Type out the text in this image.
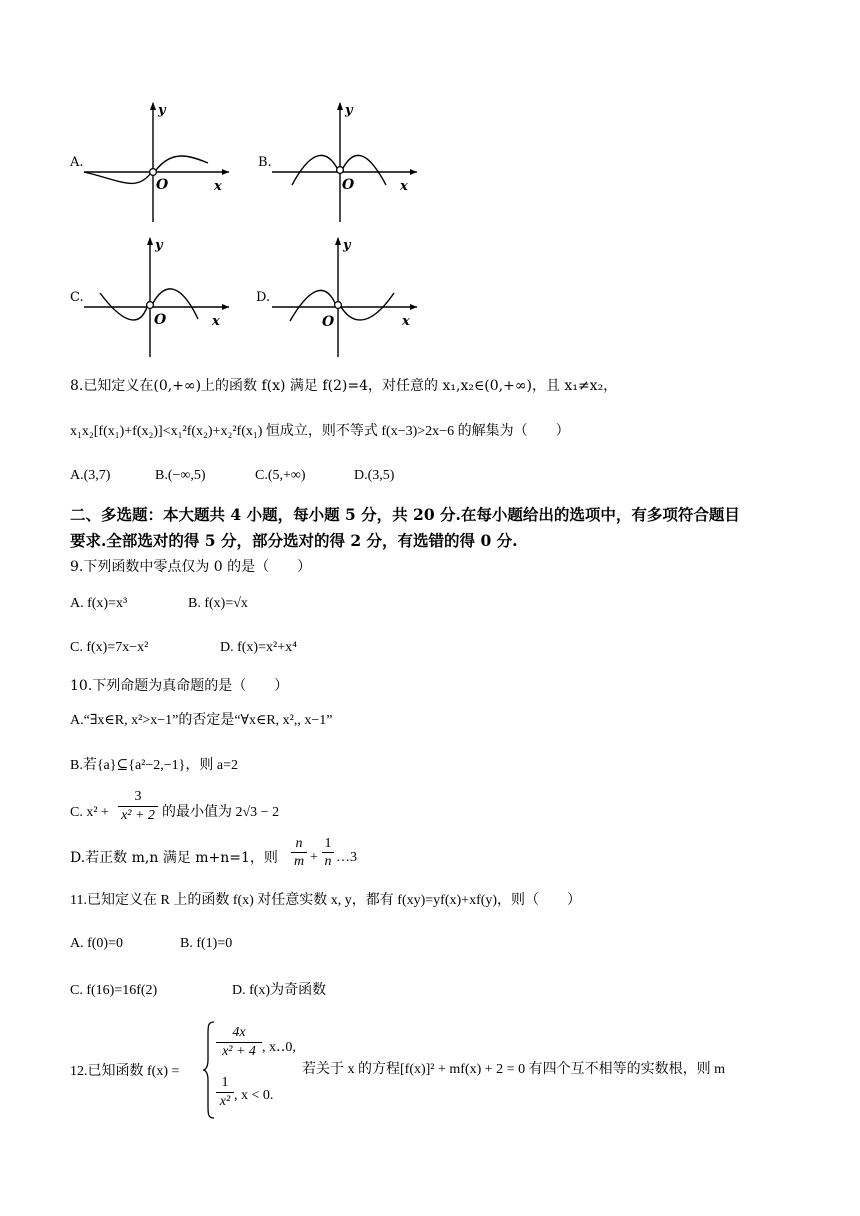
A.
y
O	x
B.
y
O	x
C.
y
O	x
D.
y
O	x
8.已知定义在(0,+∞)上的函数 f(x) 满足 f(2)=4，对任意的 x₁,x₂∈(0,+∞)，且 x₁≠x₂，
x₁x₂[f(x₁)+f(x₂)]<x₁²f(x₂)+x₂²f(x₁) 恒成立，则不等式 f(x−3)>2x−6 的解集为（　　）
A.(3,7)	B.(−∞,5)	C.(5,+∞)	D.(3,5)
二、多选题：本大题共 4 小题，每小题 5 分，共 20 分.在每小题给出的选项中，有多项符合题目
要求.全部选对的得 5 分，部分选对的得 2 分，有选错的得 0 分.
9.下列函数中零点仅为 0 的是（　　）
A. f(x)=x³	B. f(x)=√x
C. f(x)=7x−x²	D. f(x)=x²+x⁴
10.下列命题为真命题的是（　　）
A.“∃x∈R, x²>x−1”的否定是“∀x∈R, x²,, x−1”
B.若{a}⊆{a²−2,−1}，则 a=2
C. x² +
3
x² + 2 的最小值为 2√3 − 2
D.若正数 m,n 满足 m+n=1，则
n
m +
1
n …3
11.已知定义在 R 上的函数 f(x) 对任意实数 x, y，都有 f(xy)=yf(x)+xf(y)，则（　　）
A. f(0)=0	B. f(1)=0
C. f(16)=16f(2)	D. f(x)为奇函数
12.已知函数 f(x) =
4x
x² + 4 , x‥0,
1
x² , x < 0.
若关于 x 的方程[f(x)]² + mf(x) + 2 = 0 有四个互不相等的实数根，则 m
